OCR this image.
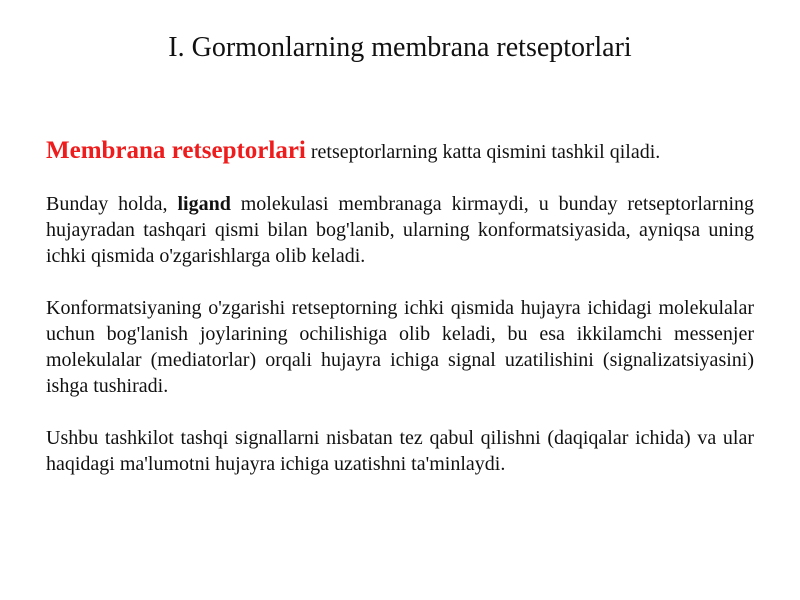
I. Gormonlarning membrana retseptorlari

Membrana retseptorlari retseptorlarning katta qismini tashkil qiladi.

Bunday holda, ligand molekulasi membranaga kirmaydi, u bunday retseptorlarning hujayradan tashqari qismi bilan bog'lanib, ularning konformatsiyasida, ayniqsa uning ichki qismida o'zgarishlarga olib keladi.

Konformatsiyaning o'zgarishi retseptorning ichki qismida hujayra ichidagi molekulalar uchun bog'lanish joylarining ochilishiga olib keladi, bu esa ikkilamchi messenjer molekulalar (mediatorlar) orqali hujayra ichiga signal uzatilishini (signalizatsiyasini) ishga tushiradi.

Ushbu tashkilot tashqi signallarni nisbatan tez qabul qilishni (daqiqalar ichida) va ular haqidagi ma'lumotni hujayra ichiga uzatishni ta'minlaydi.
